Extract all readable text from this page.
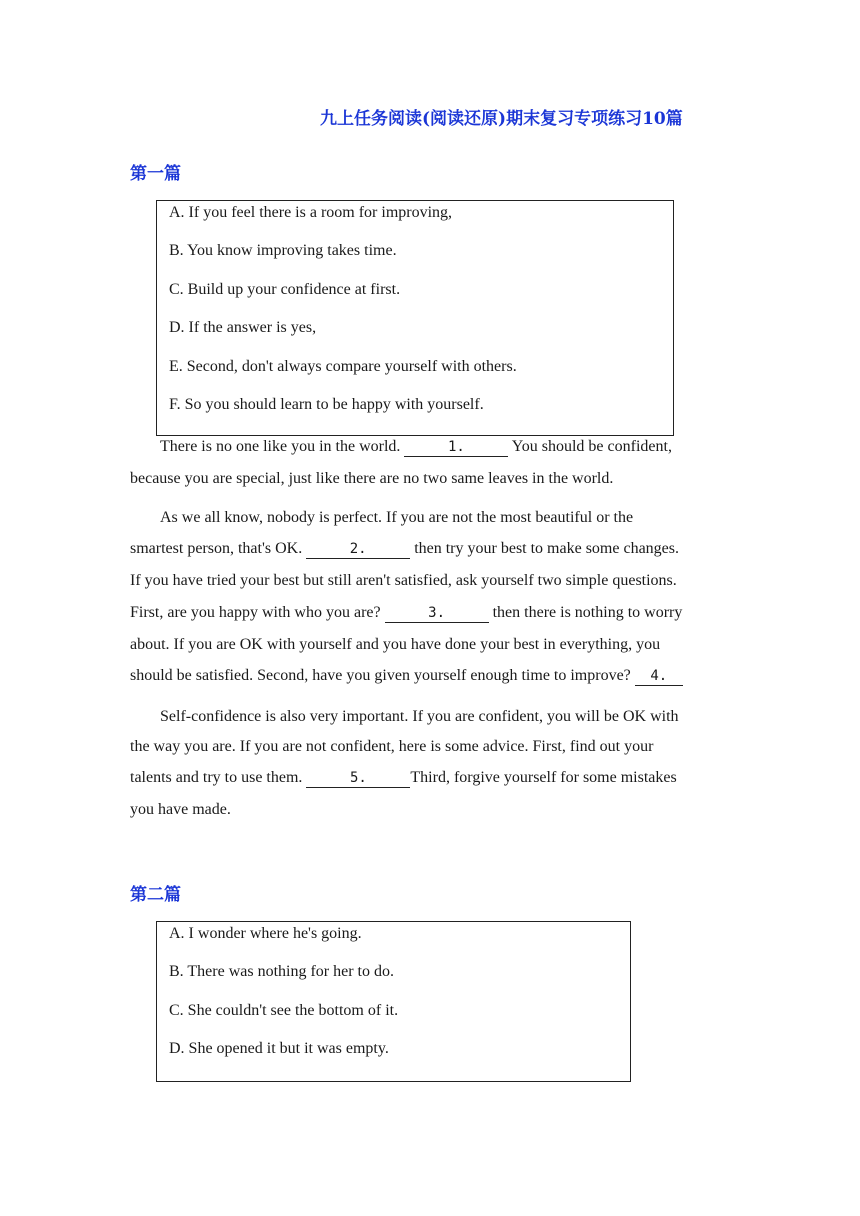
九上任务阅读(阅读还原)期末复习专项练习10篇
第一篇
A. If you feel there is a room for improving,
B. You know improving takes time.
C. Build up your confidence at first.
D. If the answer is yes,
E. Second, don't always compare yourself with others.
F. So you should learn to be happy with yourself.
There is no one like you in the world.	1.	You should be confident,
because you are special, just like there are no two same leaves in the world.
As we all know, nobody is perfect. If you are not the most beautiful or the
smartest person, that's OK.	2.	then try your best to make some changes.
If you have tried your best but still aren't satisfied, ask yourself two simple questions.
First, are you happy with who you are?	3.	then there is nothing to worry
about. If you are OK with yourself and you have done your best in everything, you
should be satisfied. Second, have you given yourself enough time to improve? 4.
Self-confidence is also very important. If you are confident, you will be OK with
the way you are. If you are not confident, here is some advice. First, find out your
talents and try to use them.	5.	Third, forgive yourself for some mistakes
you have made.
第二篇
A. I wonder where he's going.
B. There was nothing for her to do.
C. She couldn't see the bottom of it.
D. She opened it but it was empty.
